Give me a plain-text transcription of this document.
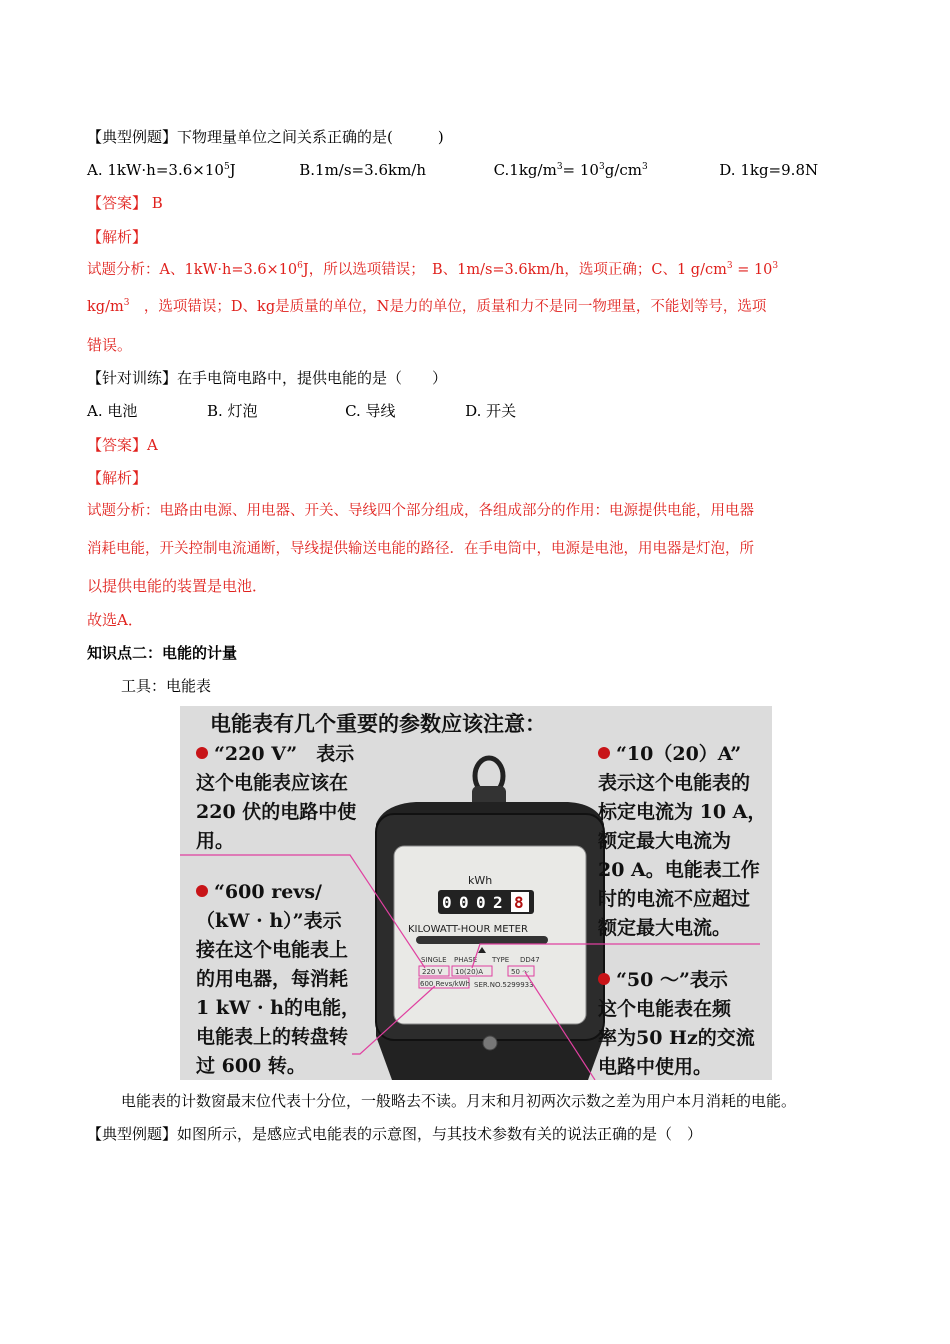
【典型例题】下物理量单位之间关系正确的是(　　　)
A. $1kW\cdot h=3.6\times 10^5J$	B.1m/s=3.6km/h	$C.1kg/m^3= 10^3g/cm^3$	D. 1kg=9.8N
【答案】 B
【解析】
试题分析：A、$1kW\cdot h=3.6\times 10^6J$，所以选项错误；　B、1m/s=3.6km/h，选项正确；C、1 $g/cm^3 = 10^3$
$kg/m^3$　，选项错误；D、kg是质量的单位，N是力的单位，质量和力不是同一物理量，不能划等号，选项
错误。
【针对训练】在手电筒电路中，提供电能的是（　　）
A. 电池	B. 灯泡	C. 导线	D. 开关
【答案】A
【解析】
试题分析：电路由电源、用电器、开关、导线四个部分组成，各组成部分的作用：电源提供电能，用电器
消耗电能，开关控制电流通断，导线提供输送电能的路径．在手电筒中，电源是电池，用电器是灯泡，所
以提供电能的装置是电池．
故选A．
知识点二：电能的计量
工具：电能表
电能表有几个重要的参数应该注意：
0 0 0 2 8
kWh
KILOWATT-HOUR METER
SINGLE PHASE TYPE DD47
220 V 10(20)A	50 ～
600 Revs/kWh SER.NO.5299933
“220 V”　表示
这个电能表应该在
220 伏的电路中使
用。
“600 revs/
（kW · h）”表示
接在这个电能表上
的用电器，每消耗
1 kW · h的电能，
电能表上的转盘转
过 600 转。
“10（20）A”
表示这个电能表的
标定电流为 10 A，
额定最大电流为
20 A。电能表工作
时的电流不应超过
额定最大电流。
“50 ～”表示
这个电能表在频
率为50 Hz的交流
电路中使用。
电能表的计数窗最末位代表十分位，一般略去不读。月末和月初两次示数之差为用户本月消耗的电能。
【典型例题】如图所示，是感应式电能表的示意图，与其技术参数有关的说法正确的是（　）
